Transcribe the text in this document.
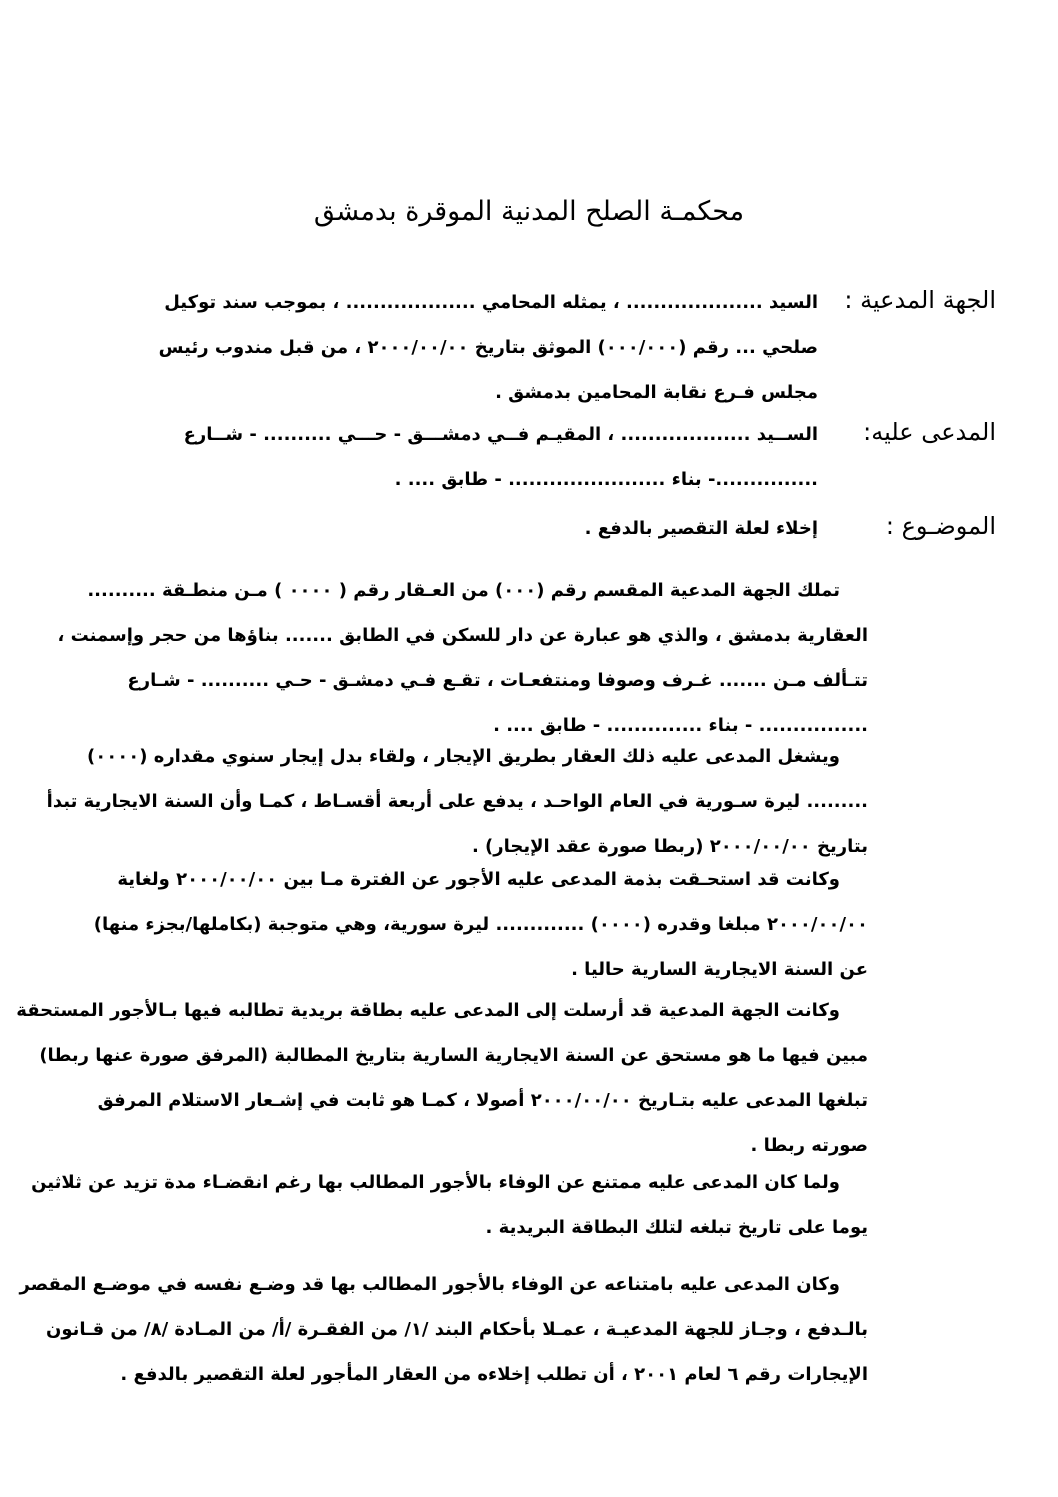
محكمـة الصلح المدنية الموقرة بدمشق
الجهة المدعية :
السيد .................... ، يمثله المحامي ................... ، بموجب سند توكيل
صلحي ... رقم (٠٠٠/٠٠٠) الموثق بتاريخ ٢٠٠٠/٠٠/٠٠ ، من قبل مندوب رئيس
مجلس فـرع نقابة المحامين بدمشق .
المدعى عليه:
الســيد ................... ، المقيـم فــي دمشـــق - حـــي .......... - شــارع
...............- بناء ....................... - طابق .... .
الموضـوع :
إخلاء لعلة التقصير بالدفع .
تملك الجهة المدعية المقسم رقم (٠٠٠) من العـقار رقم ( ٠٠٠٠ ) مـن منطـقة ..........
العقارية بدمشق ، والذي هو عبارة عن دار للسكن في الطابق ....... بناؤها من حجر وإسمنت ،
تتـألف مـن ....... غـرف وصوفا ومنتفعـات ، تقـع فـي دمشـق - حـي .......... - شـارع
................ - بناء .............. - طابق .... .
ويشغل المدعى عليه ذلك العقار بطريق الإيجار ، ولقاء بدل إيجار سنوي مقداره (٠٠٠٠)
......... ليرة سـورية في العام الواحـد ، يدفع على أربعة أقسـاط ، كمـا وأن السنة الايجارية تبدأ
بتاريخ ٢٠٠٠/٠٠/٠٠ (ربطا صورة عقد الإيجار) .
وكانت قد استحـقت بذمة المدعى عليه الأجور عن الفترة مـا بين ٢٠٠٠/٠٠/٠٠ ولغاية
٢٠٠٠/٠٠/٠٠ مبلغا وقدره (٠٠٠٠) ............. ليرة سورية، وهي متوجبة (بكاملها/بجزء منها)
عن السنة الايجارية السارية حاليا .
وكانت الجهة المدعية قد أرسلت إلى المدعى عليه بطاقة بريدية تطالبه فيها بـالأجور المستحقة
مبين فيها ما هو مستحق عن السنة الايجارية السارية بتاريخ المطالبة (المرفق صورة عنها ربطا)
تبلغها المدعى عليه بتـاريخ ٢٠٠٠/٠٠/٠٠ أصولا ، كمـا هو ثابت في إشـعار الاستلام المرفق
صورته ربطا .
ولما كان المدعى عليه ممتنع عن الوفاء بالأجور المطالب بها رغم انقضـاء مدة تزيد عن ثلاثين
يوما على تاريخ تبلغه لتلك البطاقة البريدية .
وكان المدعى عليه بامتناعه عن الوفاء بالأجور المطالب بها قد وضـع نفسه في موضـع المقصر
بالـدفع ، وجـاز للجهة المدعيـة ، عمـلا بأحكام البند /١/ من الفقـرة /أ/ من المـادة /٨/ من قـانون
الإيجارات رقم ٦ لعام ٢٠٠١ ، أن تطلب إخلاءه من العقار المأجور لعلة التقصير بالدفع .
